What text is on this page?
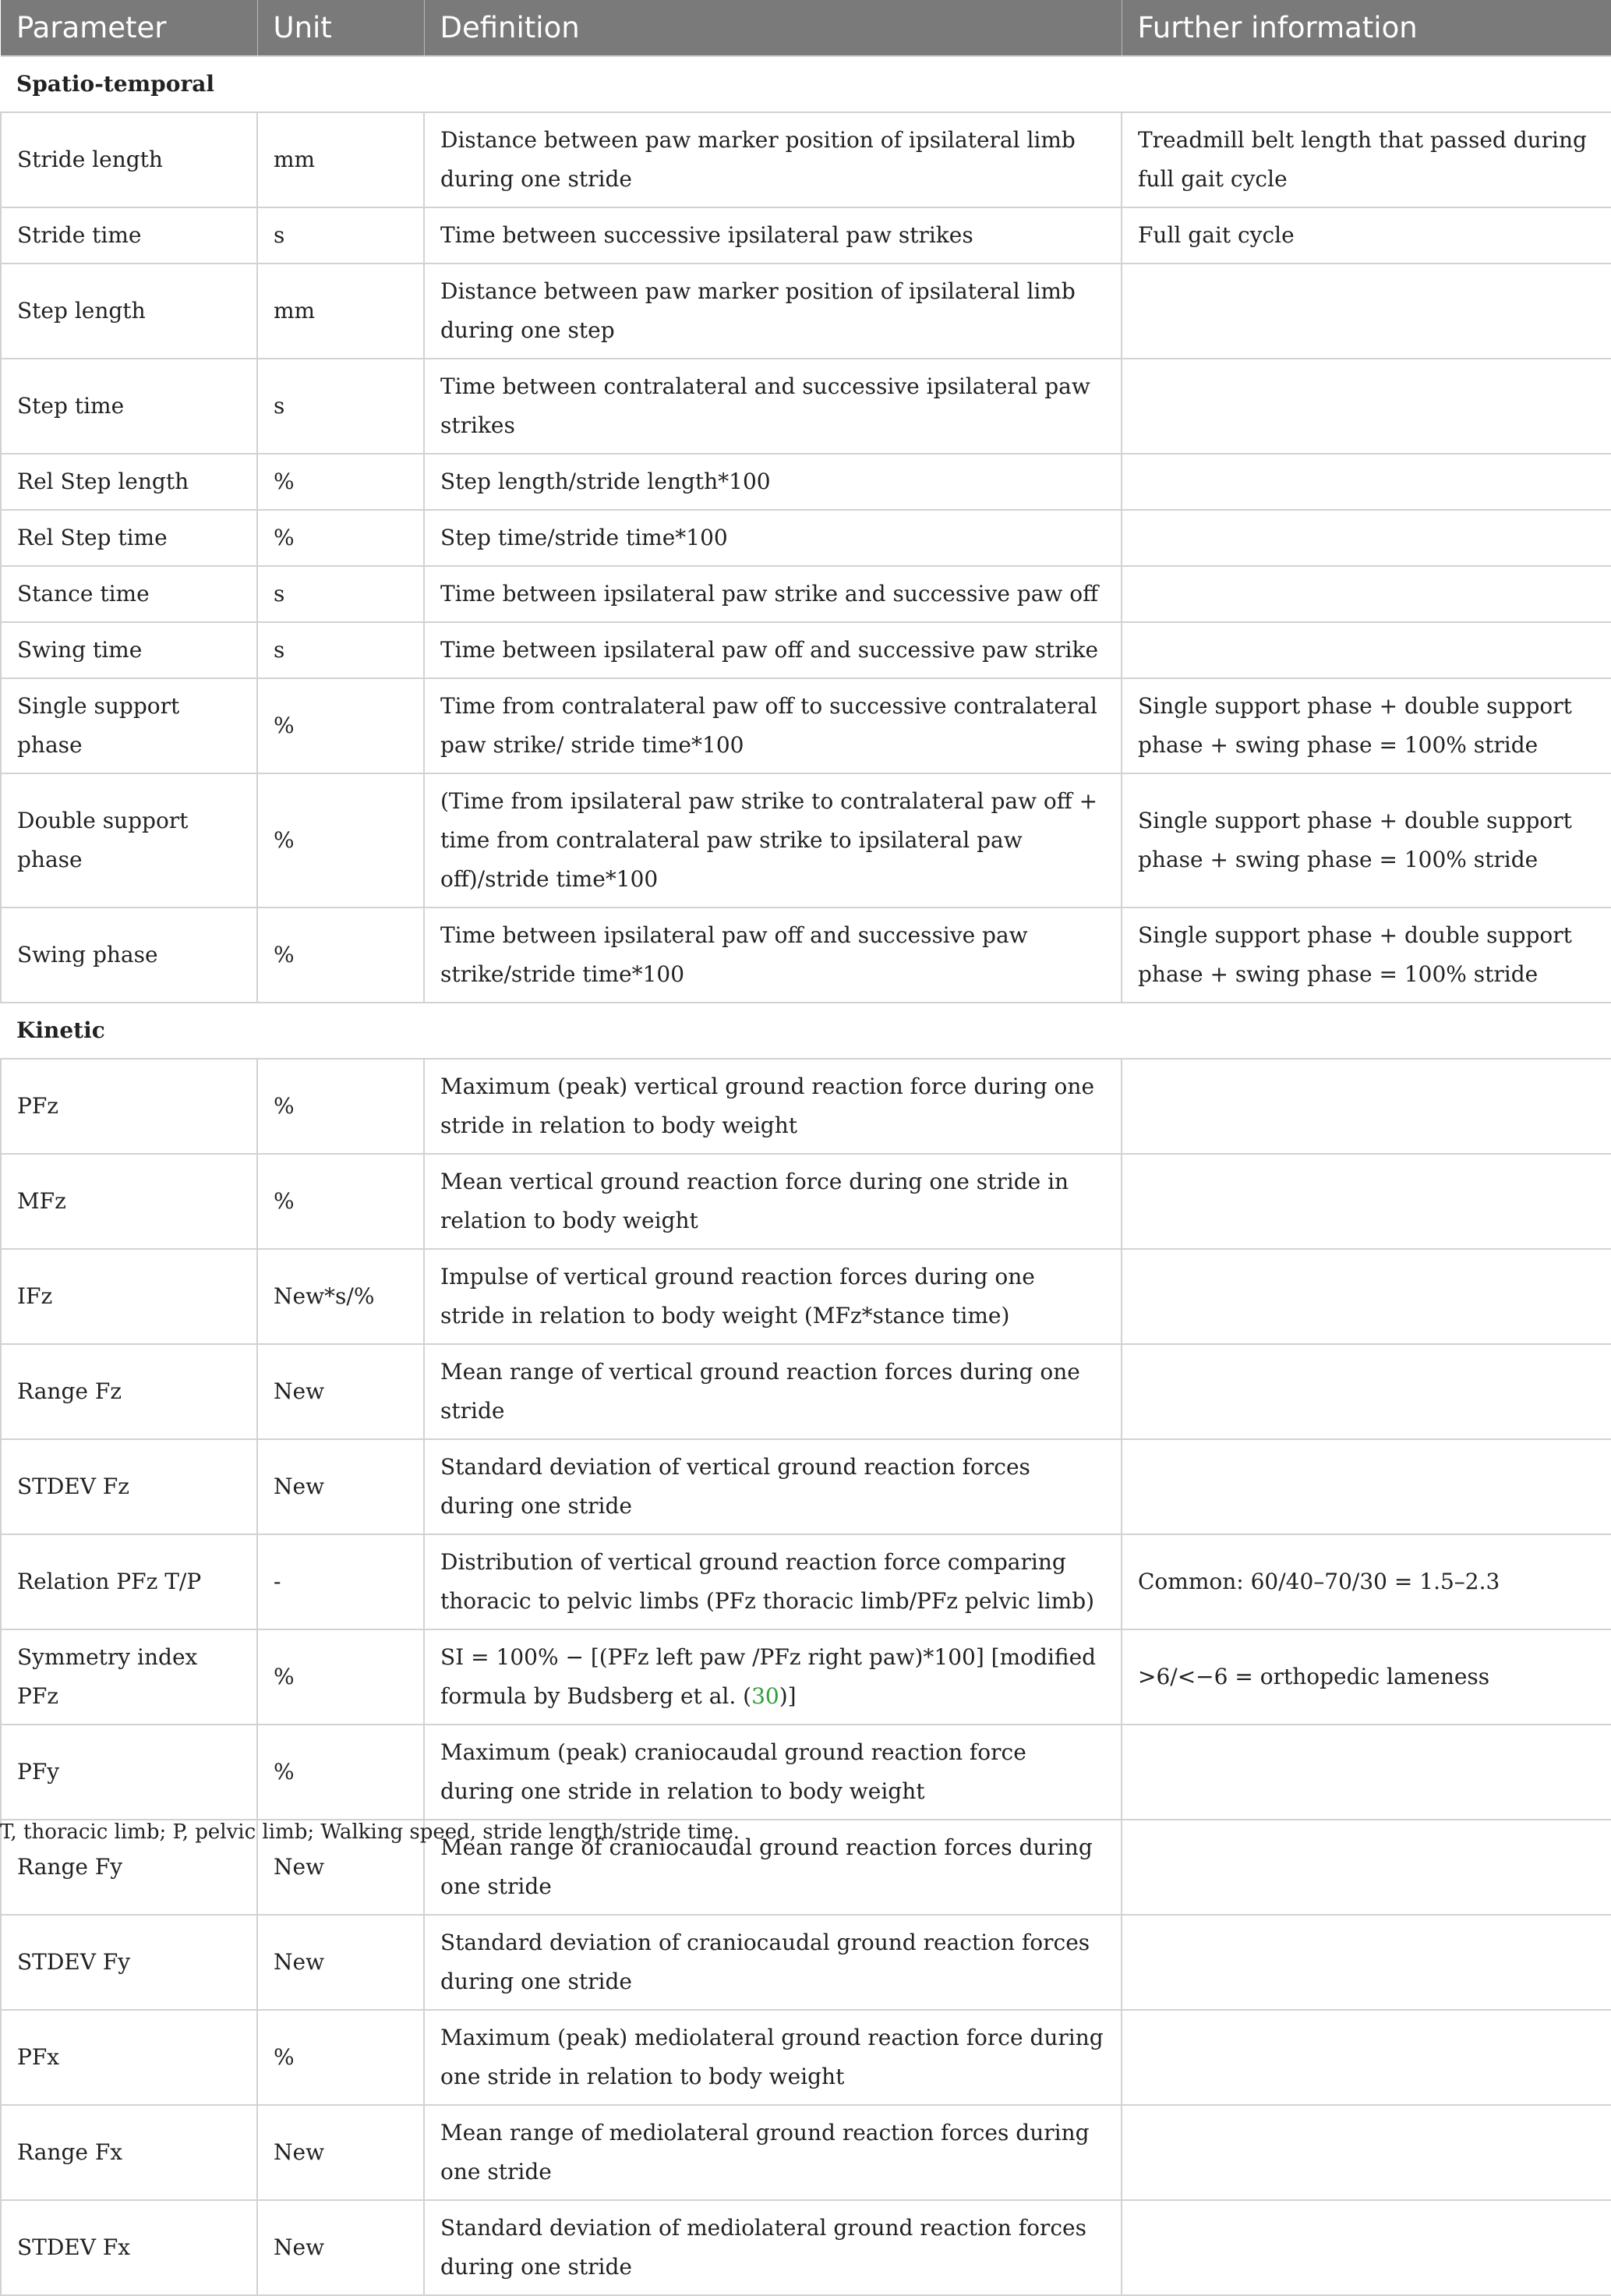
Parameter	Unit	Definition	Further information
Spatio-temporal			
Stride length	mm	Distance between paw marker position of ipsilateral limb during one stride	Treadmill belt length that passed during full gait cycle
Stride time	s	Time between successive ipsilateral paw strikes	Full gait cycle
Step length	mm	Distance between paw marker position of ipsilateral limb during one step	
Step time	s	Time between contralateral and successive ipsilateral paw strikes	
Rel Step length	%	Step length/stride length*100	
Rel Step time	%	Step time/stride time*100	
Stance time	s	Time between ipsilateral paw strike and successive paw off	
Swing time	s	Time between ipsilateral paw off and successive paw strike	
Single support phase	%	Time from contralateral paw off to successive contralateral paw strike/ stride time*100	Single support phase + double support phase + swing phase = 100% stride
Double support phase	%	(Time from ipsilateral paw strike to contralateral paw off + time from contralateral paw strike to ipsilateral paw off)/stride time*100	Single support phase + double support phase + swing phase = 100% stride
Swing phase	%	Time between ipsilateral paw off and successive paw strike/stride time*100	Single support phase + double support phase + swing phase = 100% stride
Kinetic			
PFz	%	Maximum (peak) vertical ground reaction force during one stride in relation to body weight	
MFz	%	Mean vertical ground reaction force during one stride in relation to body weight	
IFz	New*s/%	Impulse of vertical ground reaction forces during one stride in relation to body weight (MFz*stance time)	
Range Fz	New	Mean range of vertical ground reaction forces during one stride	
STDEV Fz	New	Standard deviation of vertical ground reaction forces during one stride	
Relation PFz T/P	-	Distribution of vertical ground reaction force comparing thoracic to pelvic limbs (PFz thoracic limb/PFz pelvic limb)	Common: 60/40–70/30 = 1.5–2.3
Symmetry index PFz	%	SI = 100% − [(PFz left paw /PFz right paw)*100] [modified formula by Budsberg et al. (30)]	>6/<−6 = orthopedic lameness
PFy	%	Maximum (peak) craniocaudal ground reaction force during one stride in relation to body weight	
Range Fy	New	Mean range of craniocaudal ground reaction forces during one stride	
STDEV Fy	New	Standard deviation of craniocaudal ground reaction forces during one stride	
PFx	%	Maximum (peak) mediolateral ground reaction force during one stride in relation to body weight	
Range Fx	New	Mean range of mediolateral ground reaction forces during one stride	
STDEV Fx	New	Standard deviation of mediolateral ground reaction forces during one stride	
T, thoracic limb; P, pelvic limb; Walking speed, stride length/stride time.
